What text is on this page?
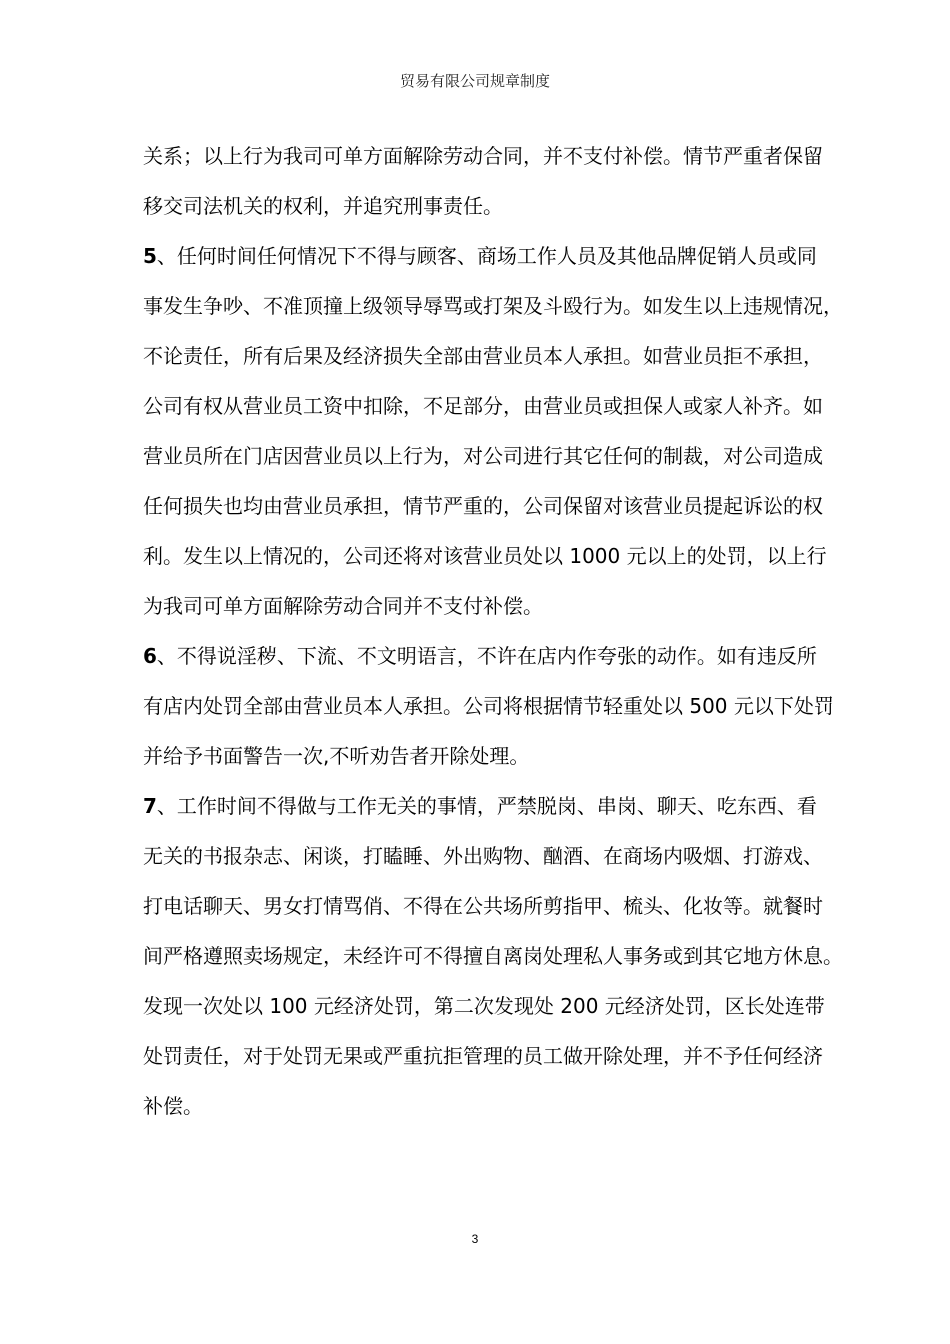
贸易有限公司规章制度
关系；以上行为我司可单方面解除劳动合同，并不支付补偿。情节严重者保留
移交司法机关的权利，并追究刑事责任。
5、任何时间任何情况下不得与顾客、商场工作人员及其他品牌促销人员或同
事发生争吵、不准顶撞上级领导辱骂或打架及斗殴行为。如发生以上违规情况，
不论责任，所有后果及经济损失全部由营业员本人承担。如营业员拒不承担，
公司有权从营业员工资中扣除，不足部分，由营业员或担保人或家人补齐。如
营业员所在门店因营业员以上行为，对公司进行其它任何的制裁，对公司造成
任何损失也均由营业员承担，情节严重的，公司保留对该营业员提起诉讼的权
利。发生以上情况的，公司还将对该营业员处以 1000 元以上的处罚，以上行
为我司可单方面解除劳动合同并不支付补偿。
6、不得说淫秽、下流、不文明语言，不许在店内作夸张的动作。如有违反所
有店内处罚全部由营业员本人承担。公司将根据情节轻重处以 500 元以下处罚
并给予书面警告一次,不听劝告者开除处理。
7、工作时间不得做与工作无关的事情，严禁脱岗、串岗、聊天、吃东西、看
无关的书报杂志、闲谈，打瞌睡、外出购物、酗酒、在商场内吸烟、打游戏、
打电话聊天、男女打情骂俏、不得在公共场所剪指甲、梳头、化妆等。就餐时
间严格遵照卖场规定，未经许可不得擅自离岗处理私人事务或到其它地方休息。
发现一次处以 100 元经济处罚，第二次发现处 200 元经济处罚，区长处连带
处罚责任，对于处罚无果或严重抗拒管理的员工做开除处理，并不予任何经济
补偿。
3
